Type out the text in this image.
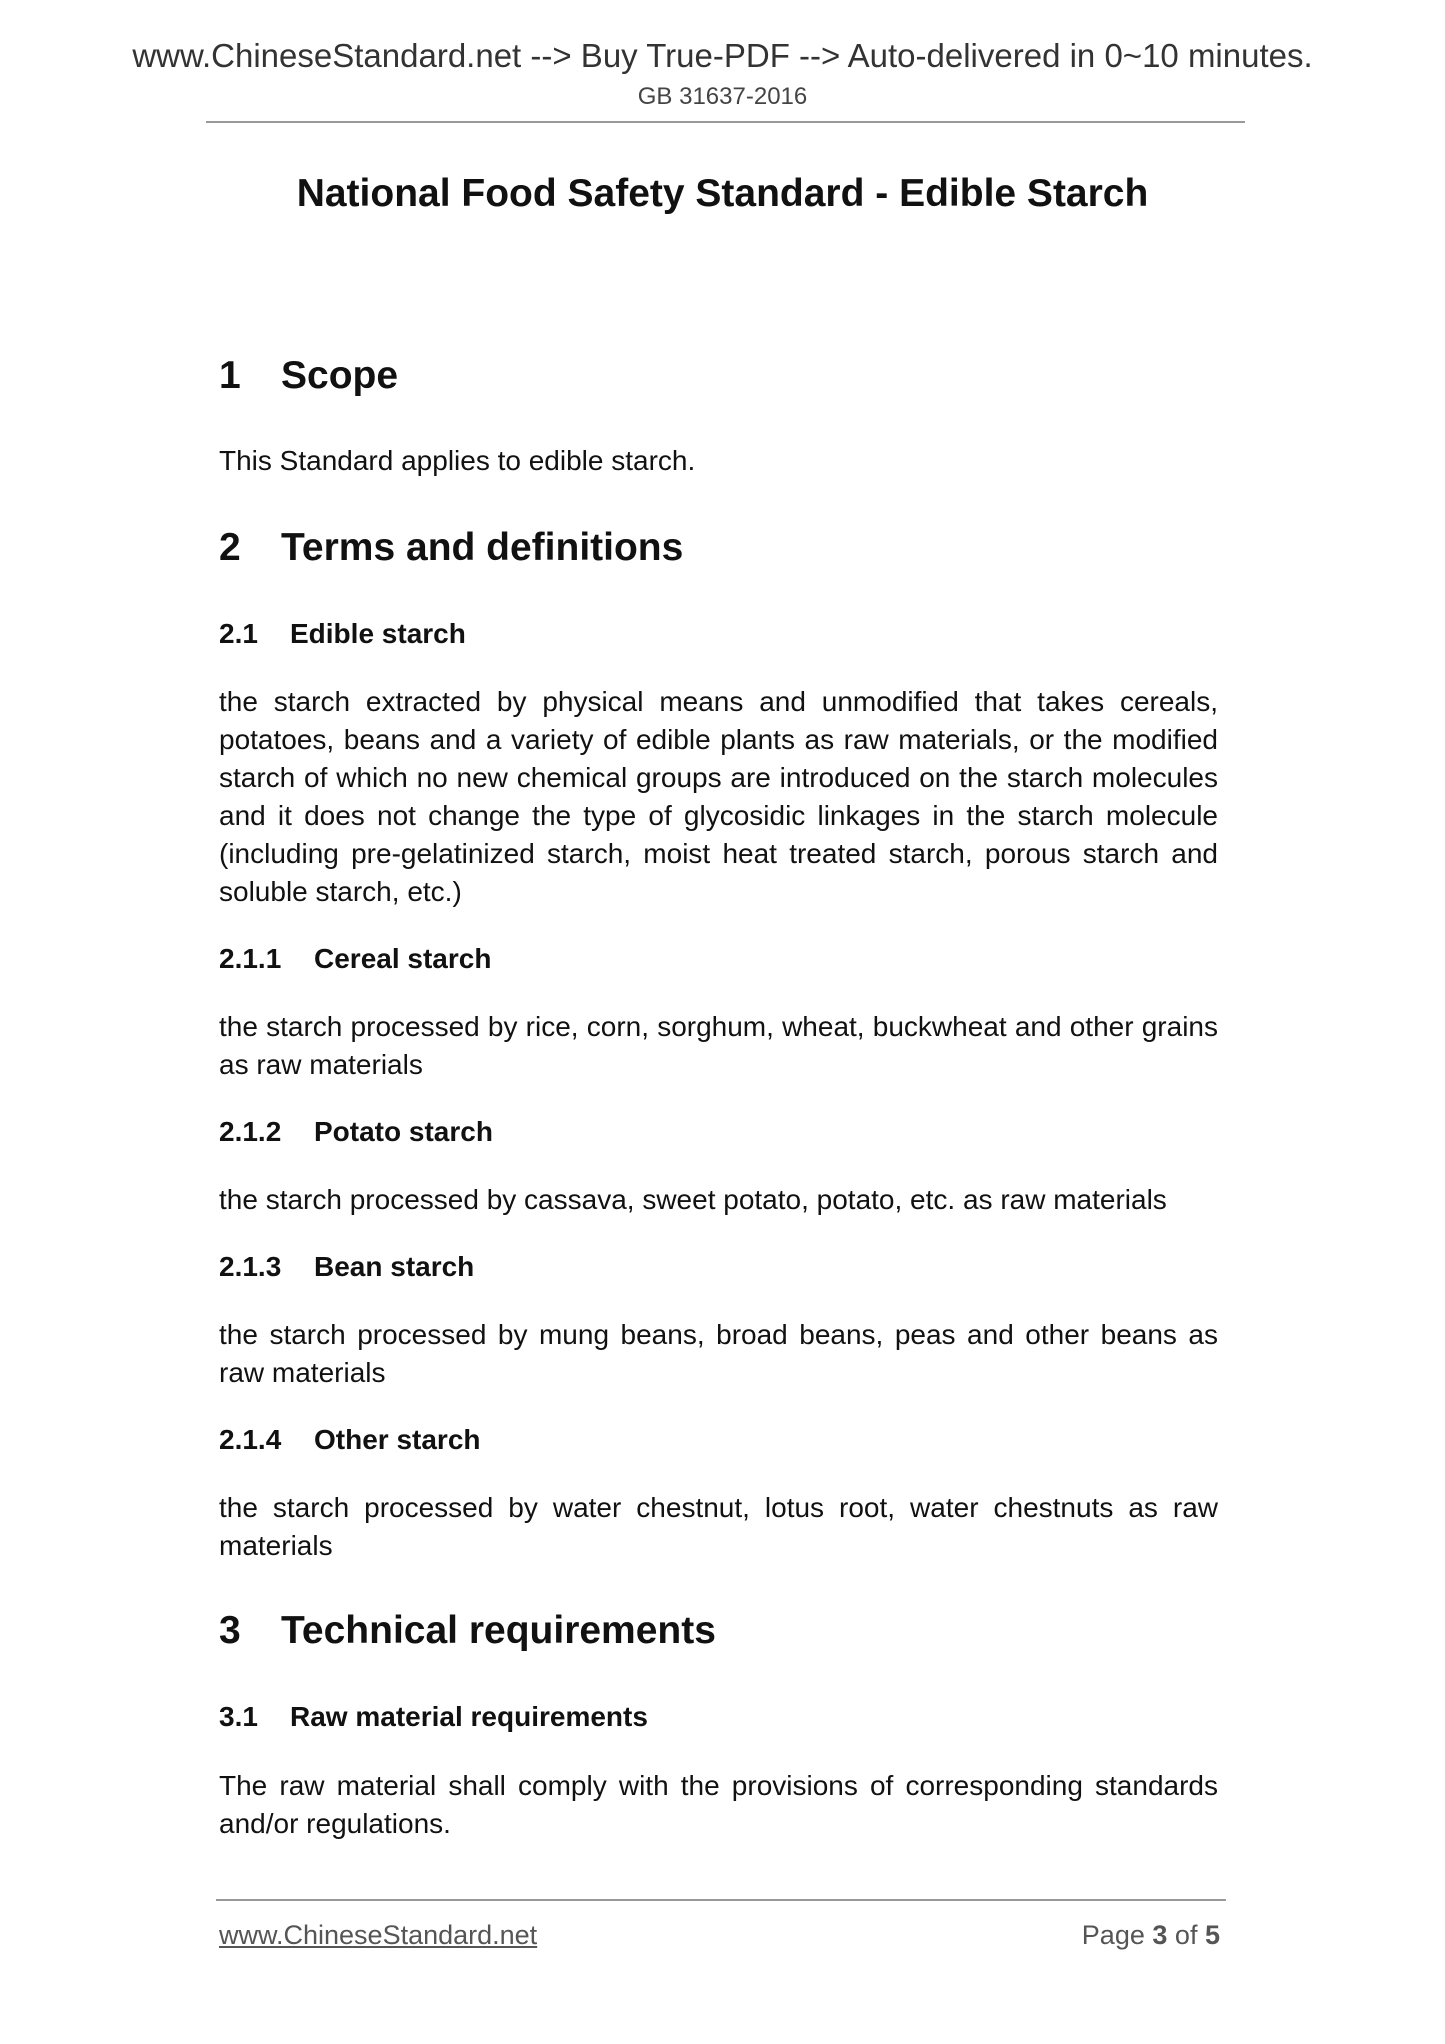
www.ChineseStandard.net --> Buy True-PDF --> Auto-delivered in 0~10 minutes.
GB 31637-2016
National Food Safety Standard - Edible Starch
1 Scope
This Standard applies to edible starch.
2 Terms and definitions
2.1 Edible starch
the starch extracted by physical means and unmodified that takes cereals, potatoes, beans and a variety of edible plants as raw materials, or the modified starch of which no new chemical groups are introduced on the starch molecules and it does not change the type of glycosidic linkages in the starch molecule (including pre-gelatinized starch, moist heat treated starch, porous starch and soluble starch, etc.)
2.1.1 Cereal starch
the starch processed by rice, corn, sorghum, wheat, buckwheat and other grains as raw materials
2.1.2 Potato starch
the starch processed by cassava, sweet potato, potato, etc. as raw materials
2.1.3 Bean starch
the starch processed by mung beans, broad beans, peas and other beans as raw materials
2.1.4 Other starch
the starch processed by water chestnut, lotus root, water chestnuts as raw materials
3 Technical requirements
3.1 Raw material requirements
The raw material shall comply with the provisions of corresponding standards and/or regulations.
www.ChineseStandard.net	Page 3 of 5
